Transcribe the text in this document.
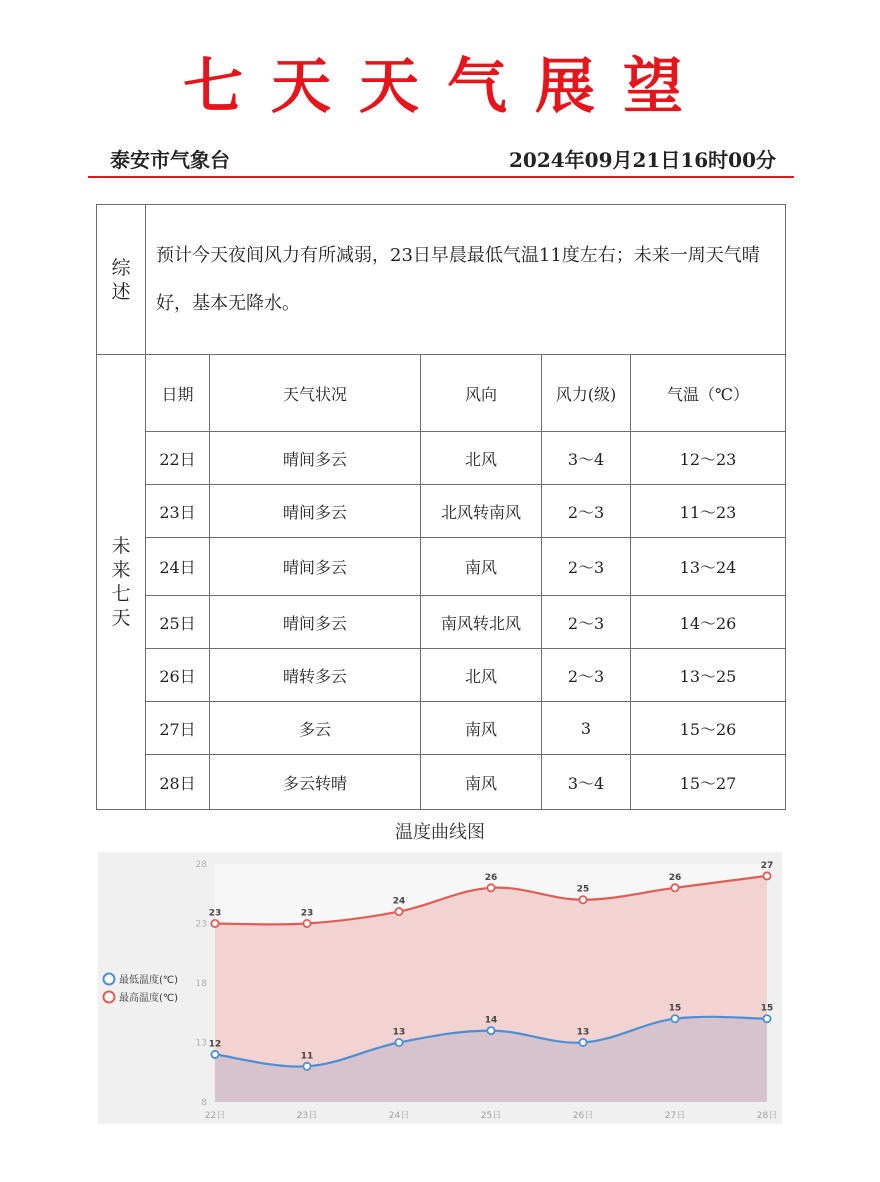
七天天气展望
泰安市气象台	2024年09月21日16时00分
综
述	预计今天夜间风力有所减弱，23日早晨最低气温11度左右；未来一周天气晴好，基本无降水。				

未
来
七
天	日期	天气状况	风向	风力(级)	气温（℃）
	22日	晴间多云	北风	3～4	12～23
	23日	晴间多云	北风转南风	2～3	11～23
	24日	晴间多云	南风	2～3	13～24
	25日	晴间多云	南风转北风	2～3	14～26
	26日	晴转多云	北风	2～3	13～25
	27日	多云	南风	3	15～26
	28日	多云转晴	南风	3～4	15～27
温度曲线图
8
13
18
23
28
22日	23日	24日	25日	26日	27日	28日
23	23
24
26
25
26
27
12
11
13
14
13
15	15
最低温度(℃)
最高温度(℃)
